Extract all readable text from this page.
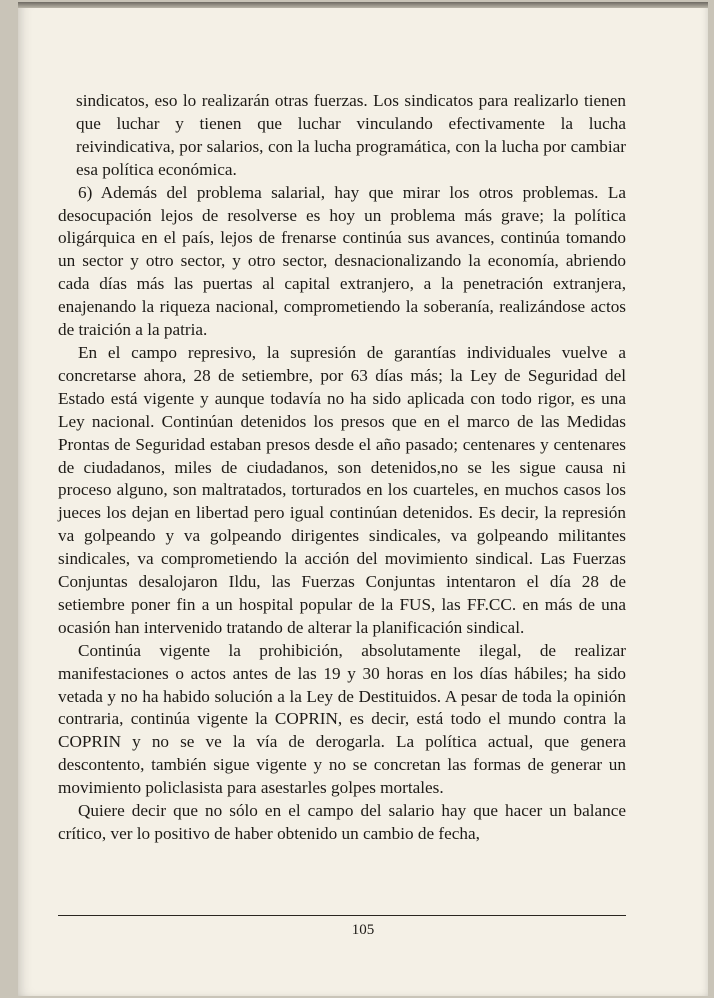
sindicatos, eso lo realizarán otras fuerzas. Los sindicatos para realizarlo tienen que luchar y tienen que luchar vinculando efectivamente la lucha reivindicativa, por salarios, con la lucha programática, con la lucha por cambiar esa política económica.

6) Además del problema salarial, hay que mirar los otros problemas. La desocupación lejos de resolverse es hoy un problema más grave; la política oligárquica en el país, lejos de frenarse continúa sus avances, continúa tomando un sector y otro sector, y otro sector, desnacionalizando la economía, abriendo cada días más las puertas al capital extranjero, a la penetración extranjera, enajenando la riqueza nacional, comprometiendo la soberanía, realizándose actos de traición a la patria.

En el campo represivo, la supresión de garantías individuales vuelve a concretarse ahora, 28 de setiembre, por 63 días más; la Ley de Seguridad del Estado está vigente y aunque todavía no ha sido aplicada con todo rigor, es una Ley nacional. Continúan detenidos los presos que en el marco de las Medidas Prontas de Seguridad estaban presos desde el año pasado; centenares y centenares de ciudadanos, miles de ciudadanos, son detenidos,no se les sigue causa ni proceso alguno, son maltratados, torturados en los cuarteles, en muchos casos los jueces los dejan en libertad pero igual continúan detenidos. Es decir, la represión va golpeando y va golpeando dirigentes sindicales, va golpeando militantes sindicales, va comprometiendo la acción del movimiento sindical. Las Fuerzas Conjuntas desalojaron Ildu, las Fuerzas Conjuntas intentaron el día 28 de setiembre poner fin a un hospital popular de la FUS, las FF.CC. en más de una ocasión han intervenido tratando de alterar la planificación sindical.

Continúa vigente la prohibición, absolutamente ilegal, de realizar manifestaciones o actos antes de las 19 y 30 horas en los días hábiles; ha sido vetada y no ha habido solución a la Ley de Destituidos. A pesar de toda la opinión contraria, continúa vigente la COPRIN, es decir, está todo el mundo contra la COPRIN y no se ve la vía de derogarla. La política actual, que genera descontento, también sigue vigente y no se concretan las formas de generar un movimiento policlasista para asestarles golpes mortales.

Quiere decir que no sólo en el campo del salario hay que hacer un balance crítico, ver lo positivo de haber obtenido un cambio de fecha,

105
